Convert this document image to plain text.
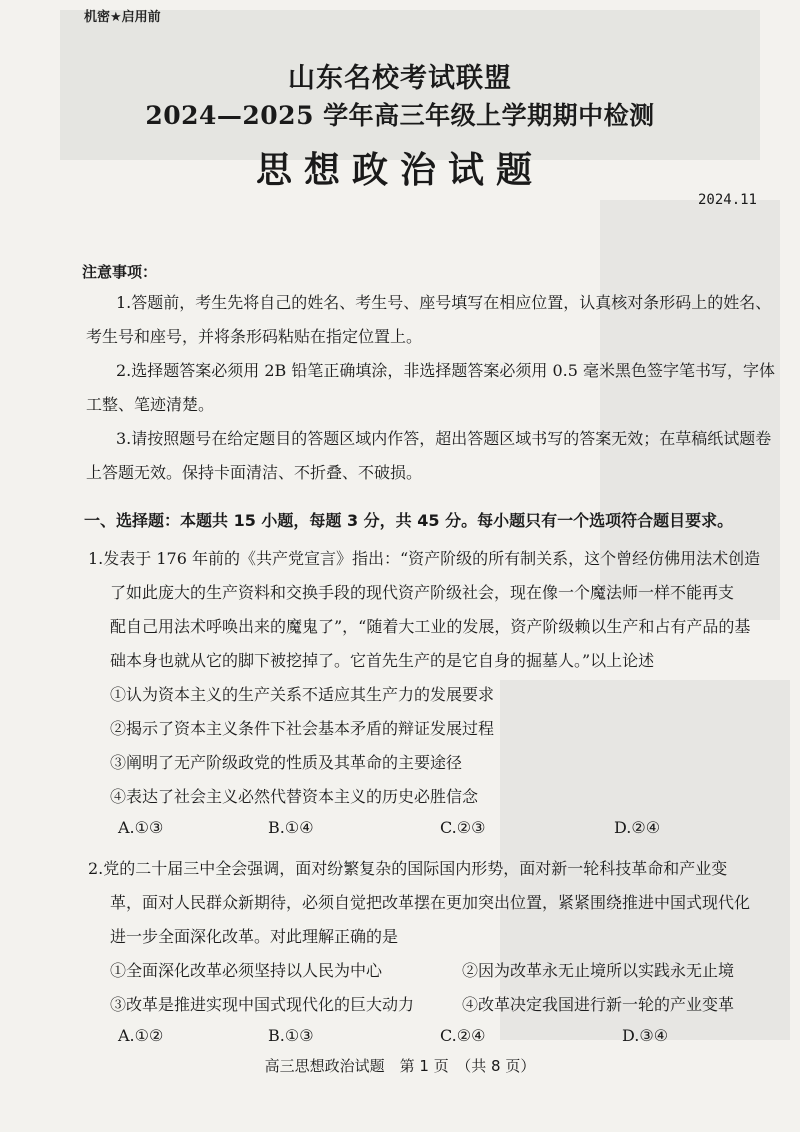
机密★启用前
山东名校考试联盟
2024—2025 学年高三年级上学期期中检测
思想政治试题
2024.11
注意事项：
1.答题前，考生先将自己的姓名、考生号、座号填写在相应位置，认真核对条形码上的姓名、考生号和座号，并将条形码粘贴在指定位置上。
2.选择题答案必须用 2B 铅笔正确填涂，非选择题答案必须用 0.5 毫米黑色签字笔书写，字体工整、笔迹清楚。
3.请按照题号在给定题目的答题区域内作答，超出答题区域书写的答案无效；在草稿纸试题卷上答题无效。保持卡面清洁、不折叠、不破损。
一、选择题：本题共 15 小题，每题 3 分，共 45 分。每小题只有一个选项符合题目要求。
1.发表于 176 年前的《共产党宣言》指出：“资产阶级的所有制关系，这个曾经仿佛用法术创造
了如此庞大的生产资料和交换手段的现代资产阶级社会，现在像一个魔法师一样不能再支
配自己用法术呼唤出来的魔鬼了”，“随着大工业的发展，资产阶级赖以生产和占有产品的基
础本身也就从它的脚下被挖掉了。它首先生产的是它自身的掘墓人。”以上论述
①认为资本主义的生产关系不适应其生产力的发展要求
②揭示了资本主义条件下社会基本矛盾的辩证发展过程
③阐明了无产阶级政党的性质及其革命的主要途径
④表达了社会主义必然代替资本主义的历史必胜信念
A.①③	B.①④	C.②③	D.②④
2.党的二十届三中全会强调，面对纷繁复杂的国际国内形势，面对新一轮科技革命和产业变
革，面对人民群众新期待，必须自觉把改革摆在更加突出位置，紧紧围绕推进中国式现代化
进一步全面深化改革。对此理解正确的是
①全面深化改革必须坚持以人民为中心	②因为改革永无止境所以实践永无止境
③改革是推进实现中国式现代化的巨大动力	④改革决定我国进行新一轮的产业变革
A.①②	B.①③	C.②④	D.③④
高三思想政治试题　第 1 页　（共 8 页）
